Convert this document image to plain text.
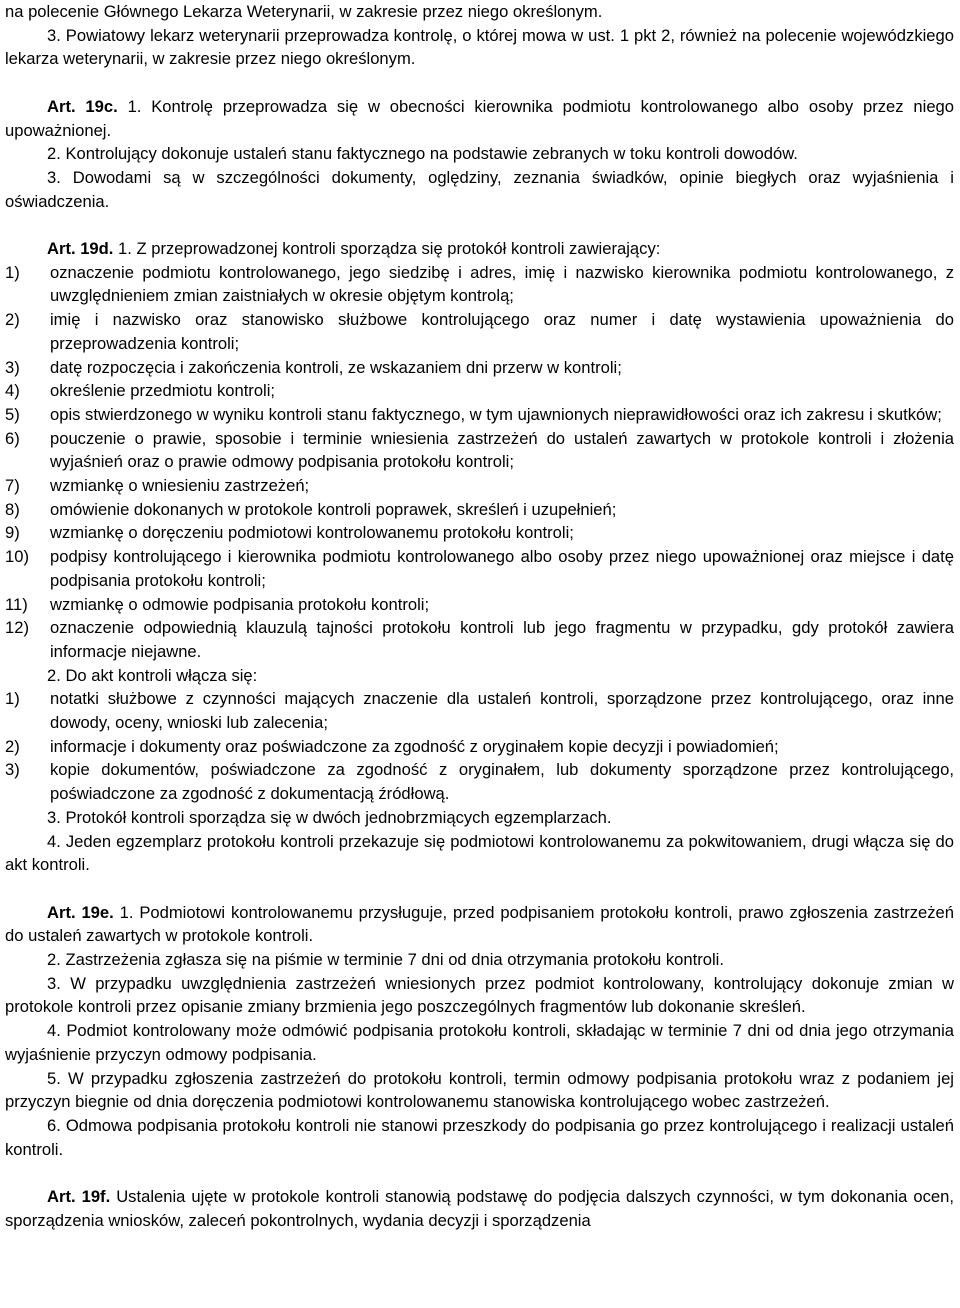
na polecenie Głównego Lekarza Weterynarii, w zakresie przez niego określonym.
3. Powiatowy lekarz weterynarii przeprowadza kontrolę, o której mowa w ust. 1 pkt 2, również na polecenie wojewódzkiego lekarza weterynarii, w zakresie przez niego określonym.
Art. 19c. 1. Kontrolę przeprowadza się w obecności kierownika podmiotu kontrolowanego albo osoby przez niego upoważnionej.
2. Kontrolujący dokonuje ustaleń stanu faktycznego na podstawie zebranych w toku kontroli dowodów.
3. Dowodami są w szczególności dokumenty, oględziny, zeznania świadków, opinie biegłych oraz wyjaśnienia i oświadczenia.
Art. 19d. 1. Z przeprowadzonej kontroli sporządza się protokół kontroli zawierający:
1)	oznaczenie podmiotu kontrolowanego, jego siedzibę i adres, imię i nazwisko kierownika podmiotu kontrolowanego, z uwzględnieniem zmian zaistniałych w okresie objętym kontrolą;
2)	imię i nazwisko oraz stanowisko służbowe kontrolującego oraz numer i datę wystawienia upoważnienia do przeprowadzenia kontroli;
3)	datę rozpoczęcia i zakończenia kontroli, ze wskazaniem dni przerw w kontroli;
4)	określenie przedmiotu kontroli;
5)	opis stwierdzonego w wyniku kontroli stanu faktycznego, w tym ujawnionych nieprawidłowości oraz ich zakresu i skutków;
6)	pouczenie o prawie, sposobie i terminie wniesienia zastrzeżeń do ustaleń zawartych w protokole kontroli i złożenia wyjaśnień oraz o prawie odmowy podpisania protokołu kontroli;
7)	wzmiankę o wniesieniu zastrzeżeń;
8)	omówienie dokonanych w protokole kontroli poprawek, skreśleń i uzupełnień;
9)	wzmiankę o doręczeniu podmiotowi kontrolowanemu protokołu kontroli;
10)	podpisy kontrolującego i kierownika podmiotu kontrolowanego albo osoby przez niego upoważnionej oraz miejsce i datę podpisania protokołu kontroli;
11)	wzmiankę o odmowie podpisania protokołu kontroli;
12)	oznaczenie odpowiednią klauzulą tajności protokołu kontroli lub jego fragmentu w przypadku, gdy protokół zawiera informacje niejawne.
2. Do akt kontroli włącza się:
1)	notatki służbowe z czynności mających znaczenie dla ustaleń kontroli, sporządzone przez kontrolującego, oraz inne dowody, oceny, wnioski lub zalecenia;
2)	informacje i dokumenty oraz poświadczone za zgodność z oryginałem kopie decyzji i powiadomień;
3)	kopie dokumentów, poświadczone za zgodność z oryginałem, lub dokumenty sporządzone przez kontrolującego, poświadczone za zgodność z dokumentacją źródłową.
3. Protokół kontroli sporządza się w dwóch jednobrzmiących egzemplarzach.
4. Jeden egzemplarz protokołu kontroli przekazuje się podmiotowi kontrolowanemu za pokwitowaniem, drugi włącza się do akt kontroli.
Art. 19e. 1. Podmiotowi kontrolowanemu przysługuje, przed podpisaniem protokołu kontroli, prawo zgłoszenia zastrzeżeń do ustaleń zawartych w protokole kontroli.
2. Zastrzeżenia zgłasza się na piśmie w terminie 7 dni od dnia otrzymania protokołu kontroli.
3. W przypadku uwzględnienia zastrzeżeń wniesionych przez podmiot kontrolowany, kontrolujący dokonuje zmian w protokole kontroli przez opisanie zmiany brzmienia jego poszczególnych fragmentów lub dokonanie skreśleń.
4. Podmiot kontrolowany może odmówić podpisania protokołu kontroli, składając w terminie 7 dni od dnia jego otrzymania wyjaśnienie przyczyn odmowy podpisania.
5. W przypadku zgłoszenia zastrzeżeń do protokołu kontroli, termin odmowy podpisania protokołu wraz z podaniem jej przyczyn biegnie od dnia doręczenia podmiotowi kontrolowanemu stanowiska kontrolującego wobec zastrzeżeń.
6. Odmowa podpisania protokołu kontroli nie stanowi przeszkody do podpisania go przez kontrolującego i realizacji ustaleń kontroli.
Art. 19f. Ustalenia ujęte w protokole kontroli stanowią podstawę do podjęcia dalszych czynności, w tym dokonania ocen, sporządzenia wniosków, zaleceń pokontrolnych, wydania decyzji i sporządzenia
